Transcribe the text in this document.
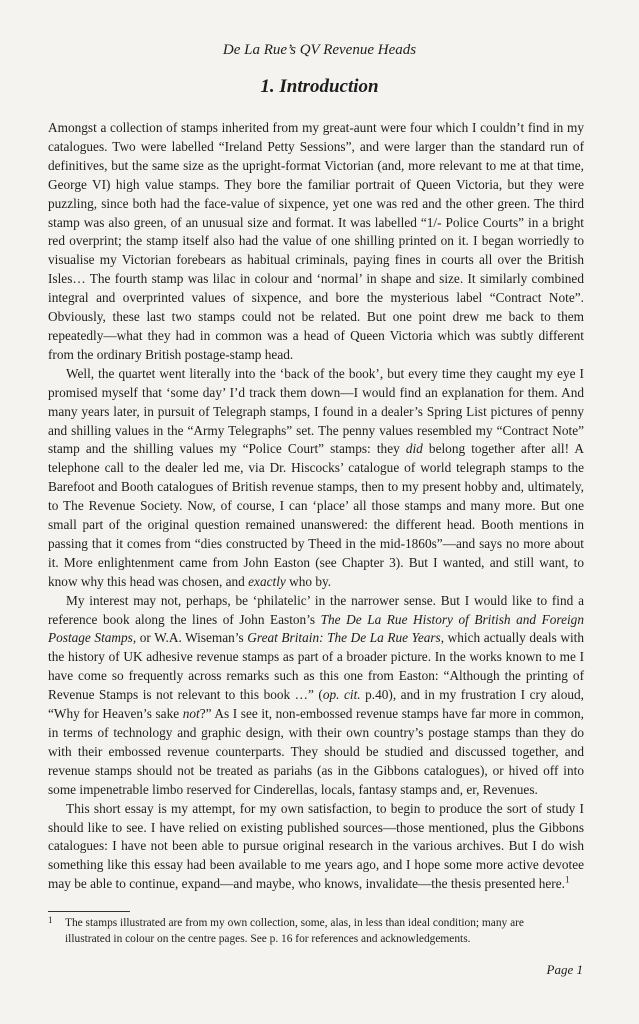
De La Rue’s QV Revenue Heads
1. Introduction

Amongst a collection of stamps inherited from my great-aunt were four which I couldn’t find in my catalogues. Two were labelled “Ireland Petty Sessions”, and were larger than the standard run of definitives, but the same size as the upright-format Victorian (and, more relevant to me at that time, George VI) high value stamps. They bore the familiar portrait of Queen Victoria, but they were puzzling, since both had the face-value of sixpence, yet one was red and the other green. The third stamp was also green, of an unusual size and format. It was labelled “1/- Police Courts” in a bright red overprint; the stamp itself also had the value of one shilling printed on it. I began worriedly to visualise my Victorian forebears as habitual criminals, paying fines in courts all over the British Isles… The fourth stamp was lilac in colour and ‘normal’ in shape and size. It similarly combined integral and overprinted values of sixpence, and bore the mysterious label “Contract Note”. Obviously, these last two stamps could not be related. But one point drew me back to them repeatedly—what they had in common was a head of Queen Victoria which was subtly different from the ordinary British postage-stamp head.

Well, the quartet went literally into the ‘back of the book’, but every time they caught my eye I promised myself that ‘some day’ I’d track them down—I would find an explanation for them. And many years later, in pursuit of Telegraph stamps, I found in a dealer’s Spring List pictures of penny and shilling values in the “Army Telegraphs” set. The penny values resembled my “Contract Note” stamp and the shilling values my “Police Court” stamps: they did belong together after all! A telephone call to the dealer led me, via Dr. Hiscocks’ catalogue of world telegraph stamps to the Barefoot and Booth catalogues of British revenue stamps, then to my present hobby and, ultimately, to The Revenue Society. Now, of course, I can ‘place’ all those stamps and many more. But one small part of the original question remained unanswered: the different head. Booth mentions in passing that it comes from “dies constructed by Theed in the mid-1860s”—and says no more about it. More enlightenment came from John Easton (see Chapter 3). But I wanted, and still want, to know why this head was chosen, and exactly who by.

My interest may not, perhaps, be ‘philatelic’ in the narrower sense. But I would like to find a reference book along the lines of John Easton’s The De La Rue History of British and Foreign Postage Stamps, or W.A. Wiseman’s Great Britain: The De La Rue Years, which actually deals with the history of UK adhesive revenue stamps as part of a broader picture. In the works known to me I have come so frequently across remarks such as this one from Easton: “Although the printing of Revenue Stamps is not relevant to this book …” (op. cit. p.40), and in my frustration I cry aloud, “Why for Heaven’s sake not?” As I see it, non-embossed revenue stamps have far more in common, in terms of technology and graphic design, with their own country’s postage stamps than they do with their embossed revenue counterparts. They should be studied and discussed together, and revenue stamps should not be treated as pariahs (as in the Gibbons catalogues), or hived off into some impenetrable limbo reserved for Cinderellas, locals, fantasy stamps and, er, Revenues.

This short essay is my attempt, for my own satisfaction, to begin to produce the sort of study I should like to see. I have relied on existing published sources—those mentioned, plus the Gibbons catalogues: I have not been able to pursue original research in the various archives. But I do wish something like this essay had been available to me years ago, and I hope some more active devotee may be able to continue, expand—and maybe, who knows, invalidate—the thesis presented here.$^1$

1	The stamps illustrated are from my own collection, some, alas, in less than ideal condition; many are illustrated in colour on the centre pages. See p. 16 for references and acknowledgements.
Page 1
